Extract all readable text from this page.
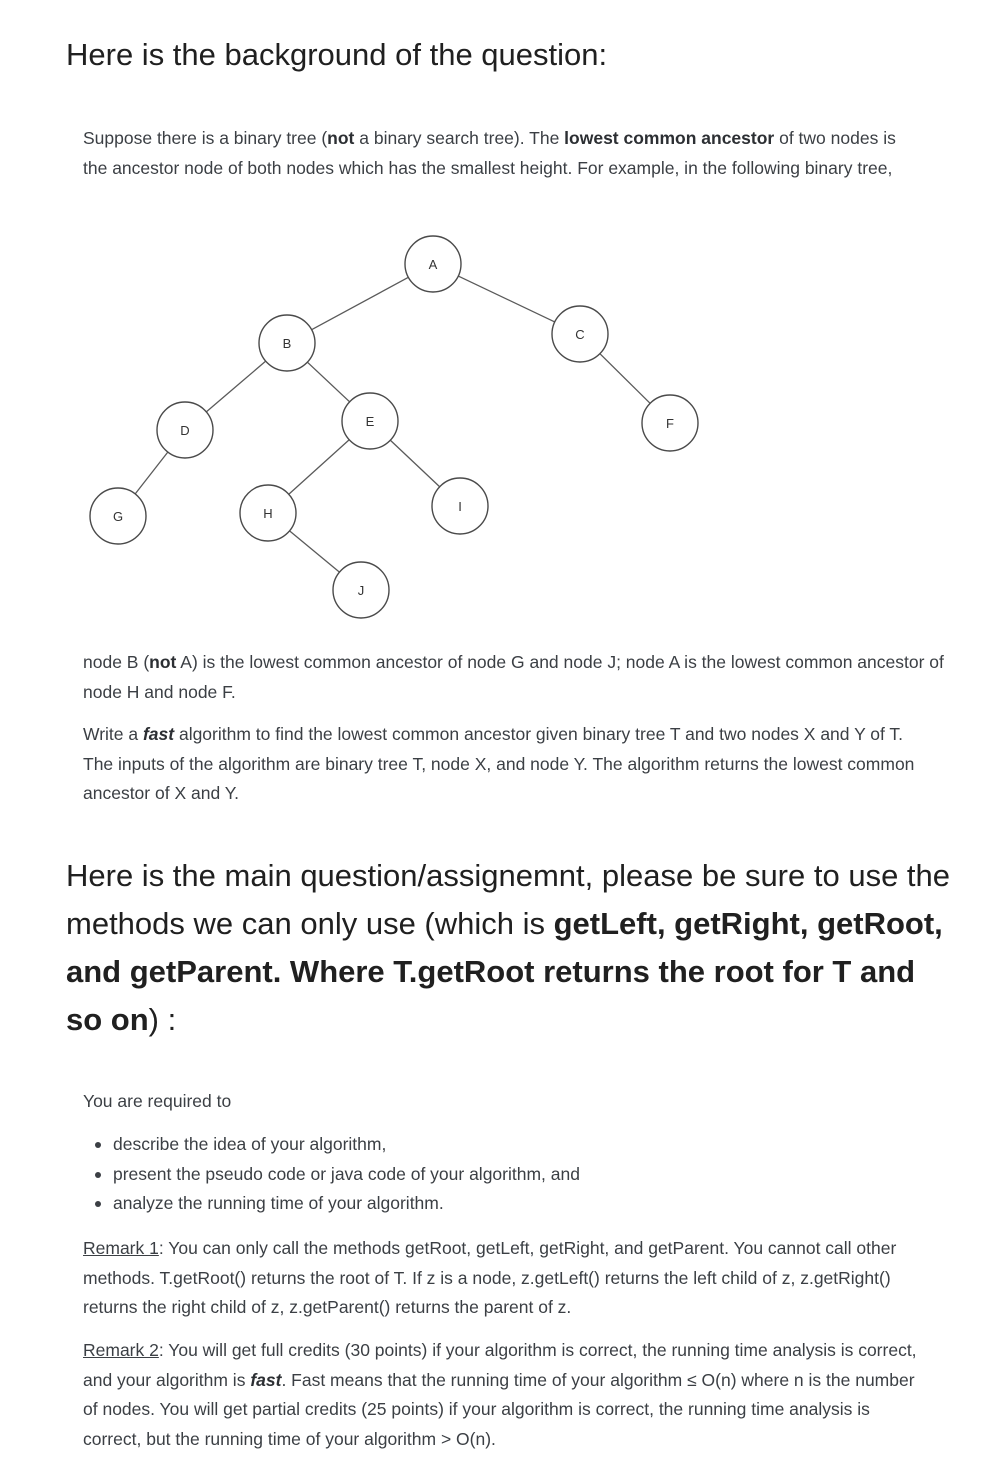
Here is the background of the question:

Suppose there is a binary tree (not a binary search tree). The lowest common ancestor of two nodes is the ancestor node of both nodes which has the smallest height. For example, in the following binary tree,

A
B
C
D
E	F
G	H	I
J

node B (not A) is the lowest common ancestor of node G and node J; node A is the lowest common ancestor of node H and node F.

Write a fast algorithm to find the lowest common ancestor given binary tree T and two nodes X and Y of T. The inputs of the algorithm are binary tree T, node X, and node Y. The algorithm returns the lowest common ancestor of X and Y.

Here is the main question/assignemnt, please be sure to use the methods we can only use (which is getLeft, getRight, getRoot, and getParent. Where T.getRoot returns the root for T and so on) :

You are required to

describe the idea of your algorithm,
present the pseudo code or java code of your algorithm, and
analyze the running time of your algorithm.

Remark 1: You can only call the methods getRoot, getLeft, getRight, and getParent. You cannot call other methods. T.getRoot() returns the root of T. If z is a node, z.getLeft() returns the left child of z, z.getRight() returns the right child of z, z.getParent() returns the parent of z.

Remark 2: You will get full credits (30 points) if your algorithm is correct, the running time analysis is correct, and your algorithm is fast. Fast means that the running time of your algorithm ≤ O(n) where n is the number of nodes. You will get partial credits (25 points) if your algorithm is correct, the running time analysis is correct, but the running time of your algorithm > O(n).
